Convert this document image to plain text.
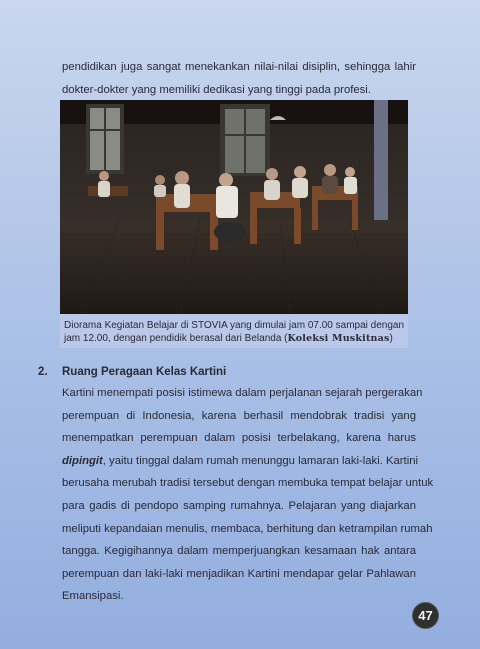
pendidikan juga sangat menekankan nilai-nilai disiplin, sehingga lahir
dokter-dokter yang memiliki dedikasi yang tinggi pada profesi.
Diorama Kegiatan Belajar di STOVIA yang dimulai jam 07.00 sampai dengan
jam 12.00, dengan pendidik berasal dari Belanda (Koleksi Muskitnas)
2. Ruang Peragaan Kelas Kartini
Kartini menempati posisi istimewa dalam perjalanan sejarah pergerakan
perempuan di Indonesia, karena berhasil mendobrak tradisi yang
menempatkan perempuan dalam posisi terbelakang, karena harus
dipingit, yaitu tinggal dalam rumah menunggu lamaran laki-laki. Kartini
berusaha merubah tradisi tersebut dengan membuka tempat belajar untuk
para gadis di pendopo samping rumahnya. Pelajaran yang diajarkan
meliputi kepandaian menulis, membaca, berhitung dan ketrampilan rumah
tangga. Kegigihannya dalam memperjuangkan kesamaan hak antara
perempuan dan laki-laki menjadikan Kartini mendapar gelar Pahlawan
Emansipasi.
47
